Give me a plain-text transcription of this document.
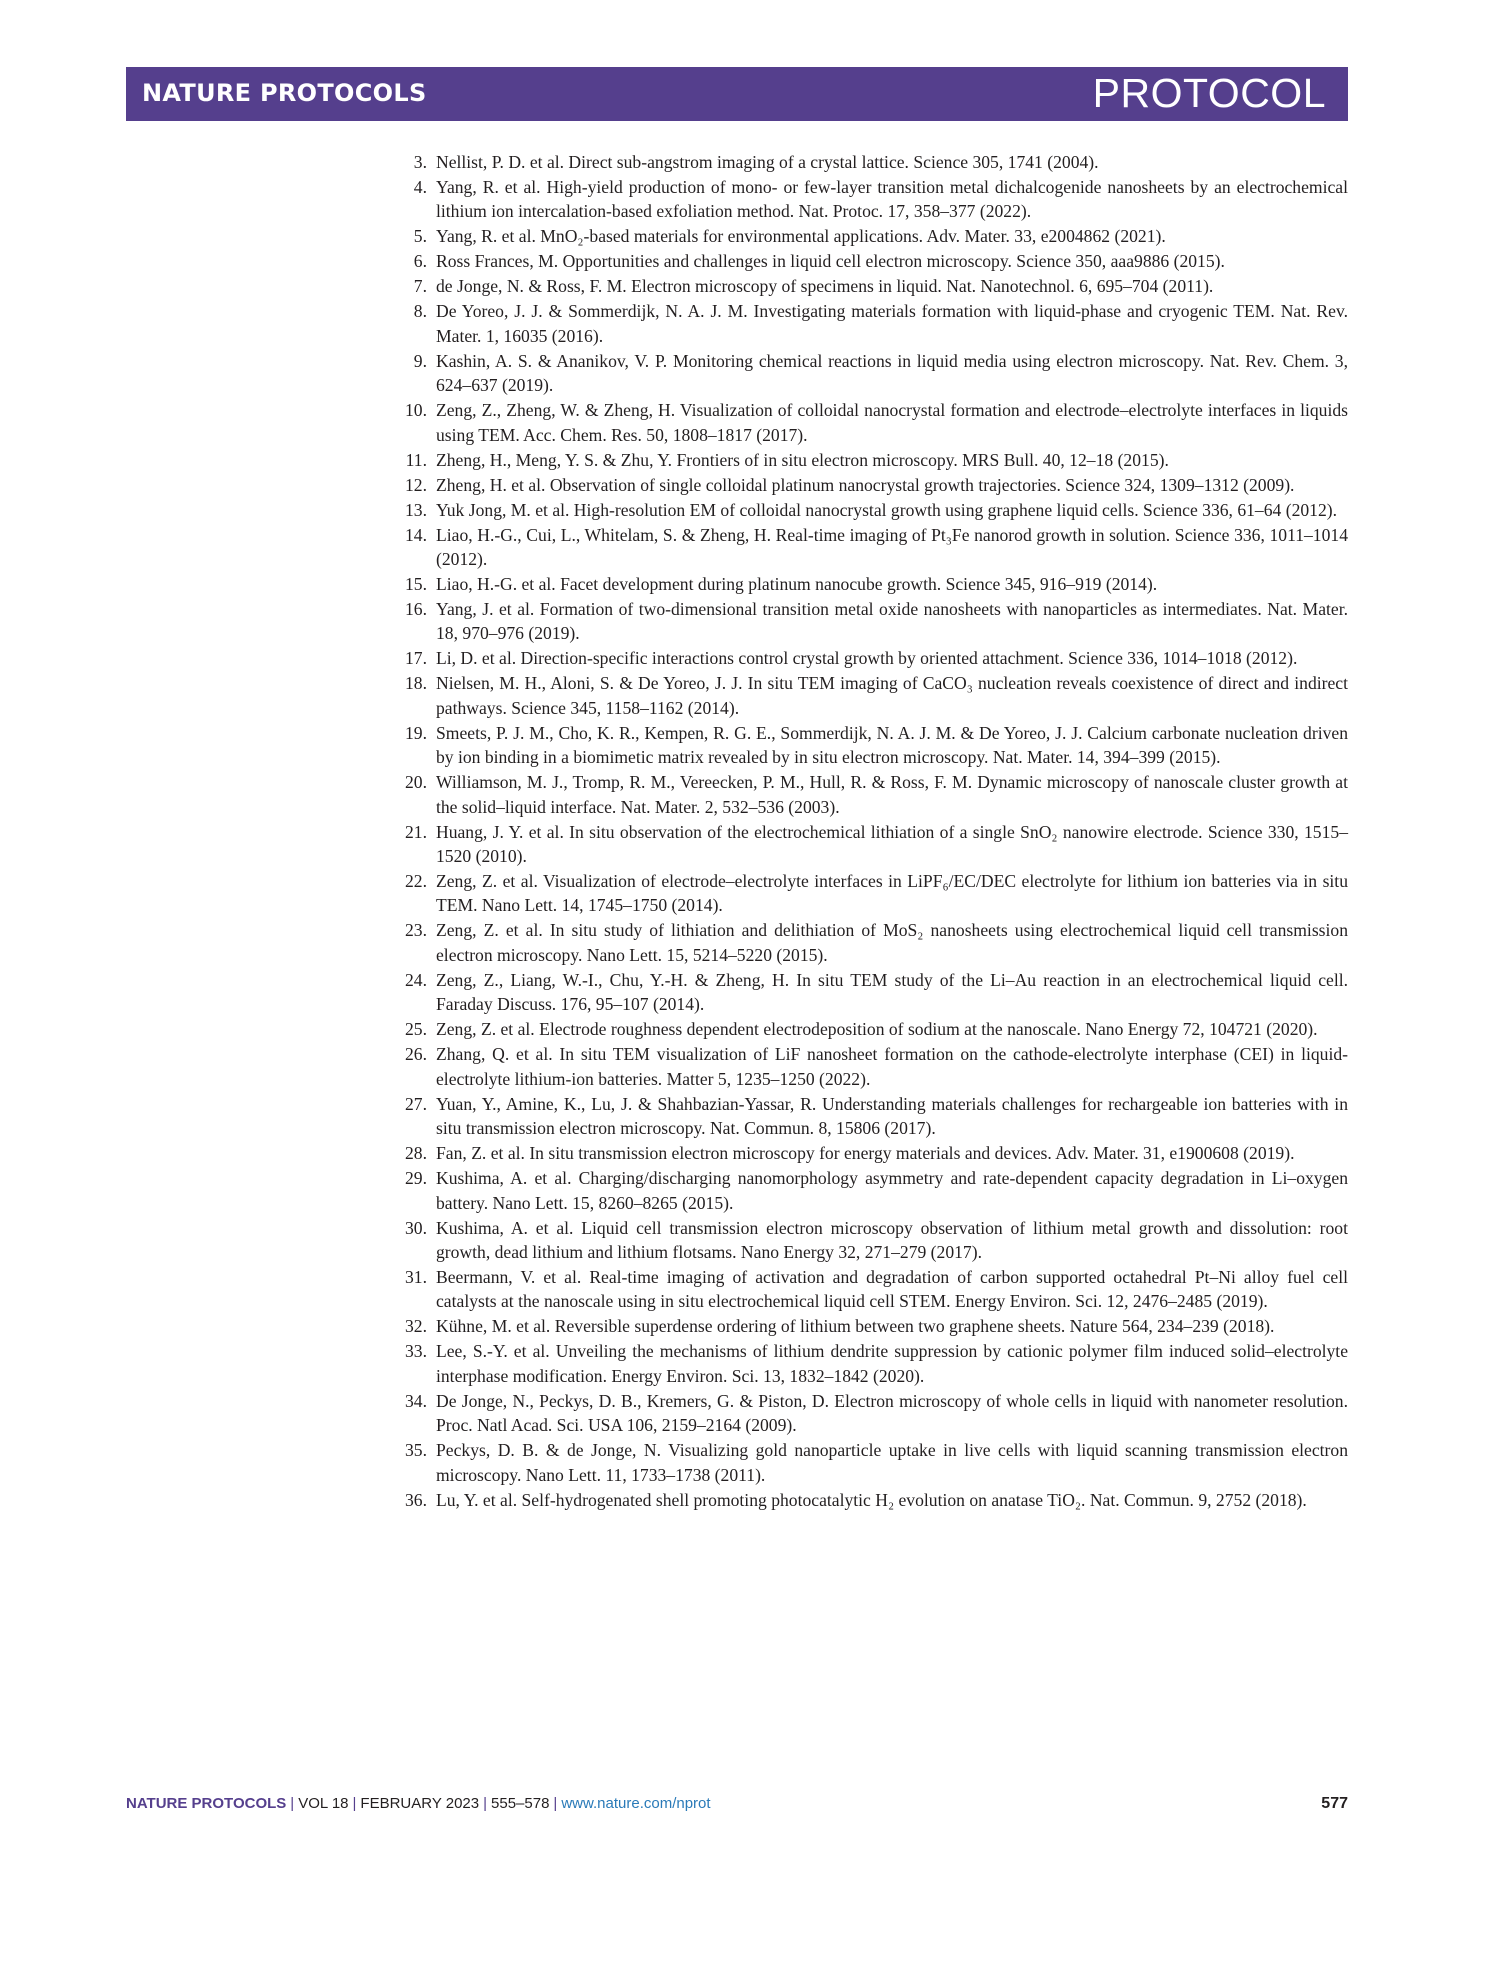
NATURE PROTOCOLS	PROTOCOL
3. Nellist, P. D. et al. Direct sub-angstrom imaging of a crystal lattice. Science 305, 1741 (2004).
4. Yang, R. et al. High-yield production of mono- or few-layer transition metal dichalcogenide nanosheets by an electrochemical lithium ion intercalation-based exfoliation method. Nat. Protoc. 17, 358–377 (2022).
5. Yang, R. et al. MnO₂-based materials for environmental applications. Adv. Mater. 33, e2004862 (2021).
6. Ross Frances, M. Opportunities and challenges in liquid cell electron microscopy. Science 350, aaa9886 (2015).
7. de Jonge, N. & Ross, F. M. Electron microscopy of specimens in liquid. Nat. Nanotechnol. 6, 695–704 (2011).
8. De Yoreo, J. J. & Sommerdijk, N. A. J. M. Investigating materials formation with liquid-phase and cryogenic TEM. Nat. Rev. Mater. 1, 16035 (2016).
9. Kashin, A. S. & Ananikov, V. P. Monitoring chemical reactions in liquid media using electron microscopy. Nat. Rev. Chem. 3, 624–637 (2019).
10. Zeng, Z., Zheng, W. & Zheng, H. Visualization of colloidal nanocrystal formation and electrode–electrolyte interfaces in liquids using TEM. Acc. Chem. Res. 50, 1808–1817 (2017).
11. Zheng, H., Meng, Y. S. & Zhu, Y. Frontiers of in situ electron microscopy. MRS Bull. 40, 12–18 (2015).
12. Zheng, H. et al. Observation of single colloidal platinum nanocrystal growth trajectories. Science 324, 1309–1312 (2009).
13. Yuk Jong, M. et al. High-resolution EM of colloidal nanocrystal growth using graphene liquid cells. Science 336, 61–64 (2012).
14. Liao, H.-G., Cui, L., Whitelam, S. & Zheng, H. Real-time imaging of Pt₃Fe nanorod growth in solution. Science 336, 1011–1014 (2012).
15. Liao, H.-G. et al. Facet development during platinum nanocube growth. Science 345, 916–919 (2014).
16. Yang, J. et al. Formation of two-dimensional transition metal oxide nanosheets with nanoparticles as intermediates. Nat. Mater. 18, 970–976 (2019).
17. Li, D. et al. Direction-specific interactions control crystal growth by oriented attachment. Science 336, 1014–1018 (2012).
18. Nielsen, M. H., Aloni, S. & De Yoreo, J. J. In situ TEM imaging of CaCO₃ nucleation reveals coexistence of direct and indirect pathways. Science 345, 1158–1162 (2014).
19. Smeets, P. J. M., Cho, K. R., Kempen, R. G. E., Sommerdijk, N. A. J. M. & De Yoreo, J. J. Calcium carbonate nucleation driven by ion binding in a biomimetic matrix revealed by in situ electron microscopy. Nat. Mater. 14, 394–399 (2015).
20. Williamson, M. J., Tromp, R. M., Vereecken, P. M., Hull, R. & Ross, F. M. Dynamic microscopy of nanoscale cluster growth at the solid–liquid interface. Nat. Mater. 2, 532–536 (2003).
21. Huang, J. Y. et al. In situ observation of the electrochemical lithiation of a single SnO₂ nanowire electrode. Science 330, 1515–1520 (2010).
22. Zeng, Z. et al. Visualization of electrode–electrolyte interfaces in LiPF₆/EC/DEC electrolyte for lithium ion batteries via in situ TEM. Nano Lett. 14, 1745–1750 (2014).
23. Zeng, Z. et al. In situ study of lithiation and delithiation of MoS₂ nanosheets using electrochemical liquid cell transmission electron microscopy. Nano Lett. 15, 5214–5220 (2015).
24. Zeng, Z., Liang, W.-I., Chu, Y.-H. & Zheng, H. In situ TEM study of the Li–Au reaction in an electrochemical liquid cell. Faraday Discuss. 176, 95–107 (2014).
25. Zeng, Z. et al. Electrode roughness dependent electrodeposition of sodium at the nanoscale. Nano Energy 72, 104721 (2020).
26. Zhang, Q. et al. In situ TEM visualization of LiF nanosheet formation on the cathode-electrolyte interphase (CEI) in liquid-electrolyte lithium-ion batteries. Matter 5, 1235–1250 (2022).
27. Yuan, Y., Amine, K., Lu, J. & Shahbazian-Yassar, R. Understanding materials challenges for rechargeable ion batteries with in situ transmission electron microscopy. Nat. Commun. 8, 15806 (2017).
28. Fan, Z. et al. In situ transmission electron microscopy for energy materials and devices. Adv. Mater. 31, e1900608 (2019).
29. Kushima, A. et al. Charging/discharging nanomorphology asymmetry and rate-dependent capacity degradation in Li–oxygen battery. Nano Lett. 15, 8260–8265 (2015).
30. Kushima, A. et al. Liquid cell transmission electron microscopy observation of lithium metal growth and dissolution: root growth, dead lithium and lithium flotsams. Nano Energy 32, 271–279 (2017).
31. Beermann, V. et al. Real-time imaging of activation and degradation of carbon supported octahedral Pt–Ni alloy fuel cell catalysts at the nanoscale using in situ electrochemical liquid cell STEM. Energy Environ. Sci. 12, 2476–2485 (2019).
32. Kühne, M. et al. Reversible superdense ordering of lithium between two graphene sheets. Nature 564, 234–239 (2018).
33. Lee, S.-Y. et al. Unveiling the mechanisms of lithium dendrite suppression by cationic polymer film induced solid–electrolyte interphase modification. Energy Environ. Sci. 13, 1832–1842 (2020).
34. De Jonge, N., Peckys, D. B., Kremers, G. & Piston, D. Electron microscopy of whole cells in liquid with nanometer resolution. Proc. Natl Acad. Sci. USA 106, 2159–2164 (2009).
35. Peckys, D. B. & de Jonge, N. Visualizing gold nanoparticle uptake in live cells with liquid scanning transmission electron microscopy. Nano Lett. 11, 1733–1738 (2011).
36. Lu, Y. et al. Self-hydrogenated shell promoting photocatalytic H₂ evolution on anatase TiO₂. Nat. Commun. 9, 2752 (2018).
NATURE PROTOCOLS | VOL 18 | FEBRUARY 2023 | 555–578 | www.nature.com/nprot	577
